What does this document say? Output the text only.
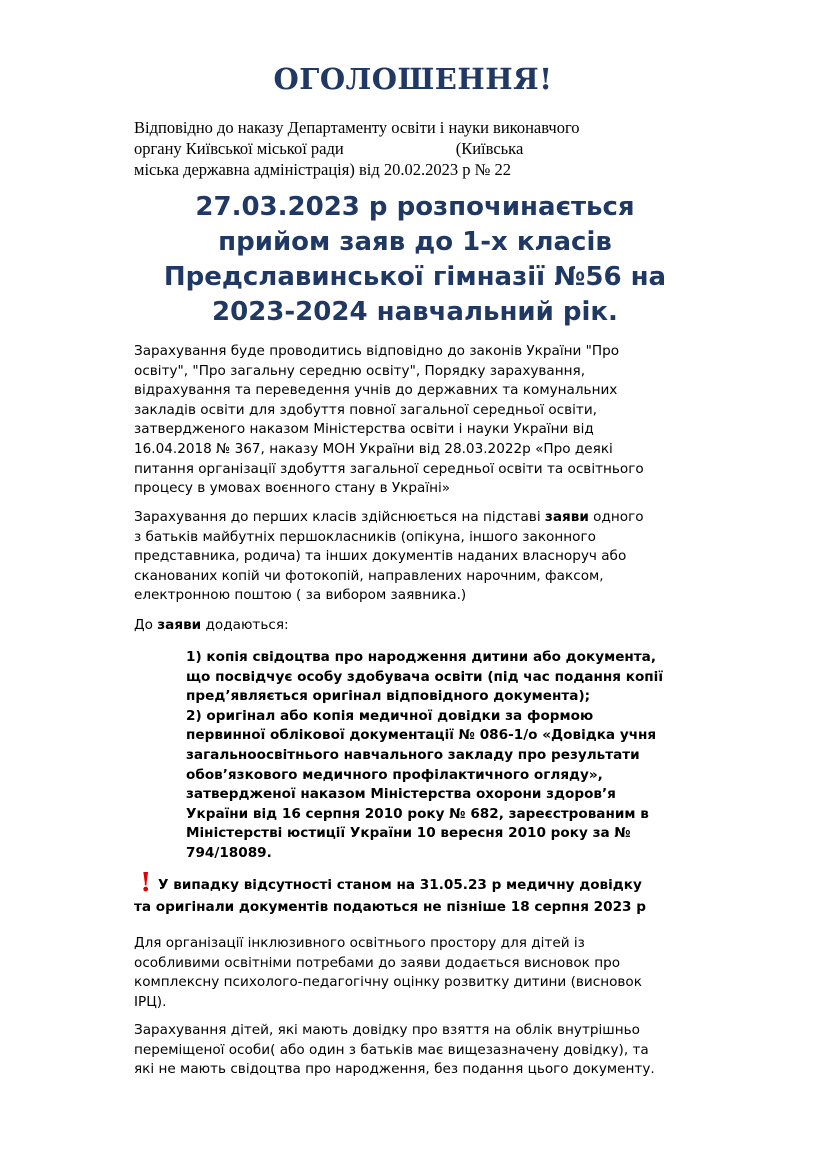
ОГОЛОШЕННЯ!
Відповідно до наказу Департаменту освіти і науки виконавчого
органу Київської міської ради	(Київська
міська державна адміністрація) від 20.02.2023 р № 22
27.03.2023 р розпочинається
прийом заяв до 1-х класів
Предславинської гімназії №56 на
2023-2024 навчальний рік.
Зарахування буде проводитись відповідно до законів України "Про
освіту", "Про загальну середню освіту", Порядку зарахування,
відрахування та переведення учнів до державних та комунальних
закладів освіти для здобуття повної загальної середньої освіти,
затвердженого наказом Міністерства освіти і науки України від
16.04.2018 № 367, наказу МОН України від 28.03.2022р «Про деякі
питання організації здобуття загальної середньої освіти та освітнього
процесу в умовах воєнного стану в Україні»
Зарахування до перших класів здійснюється на підставі заяви одного
з батьків майбутніх першокласників (опікуна, іншого законного
представника, родича) та інших документів наданих власноруч або
сканованих копій чи фотокопій, направлених нарочним, факсом,
електронною поштою ( за вибором заявника.)
До заяви додаються:
1) копія свідоцтва про народження дитини або документа,
що посвідчує особу здобувача освіти (під час подання копії
пред’являється оригінал відповідного документа);
2) оригінал або копія медичної довідки за формою
первинної облікової документації № 086-1/о «Довідка учня
загальноосвітнього навчального закладу про результати
обов’язкового медичного профілактичного огляду»,
затвердженої наказом Міністерства охорони здоров’я
України від 16 серпня 2010 року № 682, зареєстрованим в
Міністерстві юстиції України 10 вересня 2010 року за №
794/18089.
! У випадку відсутності станом на 31.05.23 р медичну довідку
та оригінали документів подаються не пізніше 18 серпня 2023 р
Для організації інклюзивного освітнього простору для дітей із
особливими освітніми потребами до заяви додається висновок про
комплексну психолого-педагогічну оцінку розвитку дитини (висновок
ІРЦ).
Зарахування дітей, які мають довідку про взяття на облік внутрішньо
переміщеної особи( або один з батьків має вищезазначену довідку), та
які не мають свідоцтва про народження, без подання цього документу.
